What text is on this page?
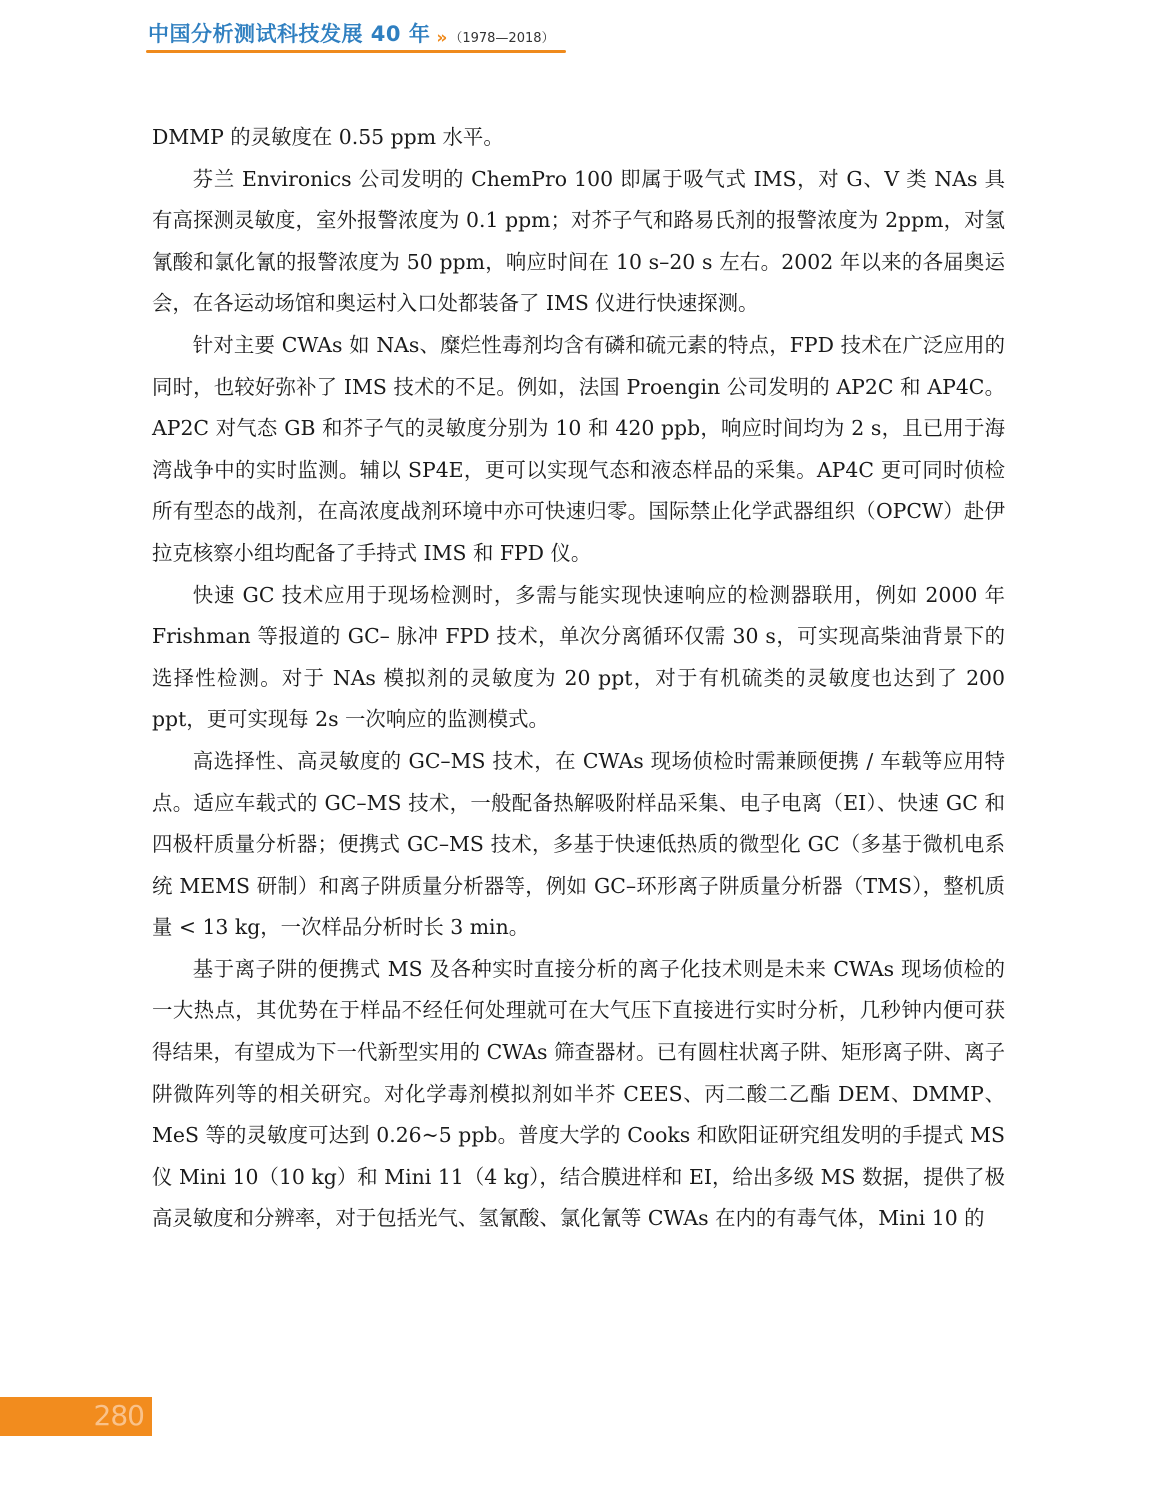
中国分析测试科技发展 40 年 » （1978—2018）

DMMP 的灵敏度在 0.55 ppm 水平。

芬兰 Environics 公司发明的 ChemPro 100 即属于吸气式 IMS，对 G、V 类 NAs 具有高探测灵敏度，室外报警浓度为 0.1 ppm；对芥子气和路易氏剂的报警浓度为 2ppm，对氢氰酸和氯化氰的报警浓度为 50 ppm，响应时间在 10 s–20 s 左右。2002 年以来的各届奥运会，在各运动场馆和奥运村入口处都装备了 IMS 仪进行快速探测。

针对主要 CWAs 如 NAs、糜烂性毒剂均含有磷和硫元素的特点，FPD 技术在广泛应用的同时，也较好弥补了 IMS 技术的不足。例如，法国 Proengin 公司发明的 AP2C 和 AP4C。AP2C 对气态 GB 和芥子气的灵敏度分别为 10 和 420 ppb，响应时间均为 2 s，且已用于海湾战争中的实时监测。辅以 SP4E，更可以实现气态和液态样品的采集。AP4C 更可同时侦检所有型态的战剂，在高浓度战剂环境中亦可快速归零。国际禁止化学武器组织（OPCW）赴伊拉克核察小组均配备了手持式 IMS 和 FPD 仪。

快速 GC 技术应用于现场检测时，多需与能实现快速响应的检测器联用，例如 2000 年 Frishman 等报道的 GC– 脉冲 FPD 技术，单次分离循环仅需 30 s，可实现高柴油背景下的选择性检测。对于 NAs 模拟剂的灵敏度为 20 ppt，对于有机硫类的灵敏度也达到了 200 ppt，更可实现每 2s 一次响应的监测模式。

高选择性、高灵敏度的 GC–MS 技术，在 CWAs 现场侦检时需兼顾便携 / 车载等应用特点。适应车载式的 GC–MS 技术，一般配备热解吸附样品采集、电子电离（EI）、快速 GC 和四极杆质量分析器；便携式 GC–MS 技术，多基于快速低热质的微型化 GC（多基于微机电系统 MEMS 研制）和离子阱质量分析器等，例如 GC–环形离子阱质量分析器（TMS），整机质量 < 13 kg，一次样品分析时长 3 min。

基于离子阱的便携式 MS 及各种实时直接分析的离子化技术则是未来 CWAs 现场侦检的一大热点，其优势在于样品不经任何处理就可在大气压下直接进行实时分析，几秒钟内便可获得结果，有望成为下一代新型实用的 CWAs 筛查器材。已有圆柱状离子阱、矩形离子阱、离子阱微阵列等的相关研究。对化学毒剂模拟剂如半芥 CEES、丙二酸二乙酯 DEM、DMMP、MeS 等的灵敏度可达到 0.26~5 ppb。普度大学的 Cooks 和欧阳证研究组发明的手提式 MS 仪 Mini 10（10 kg）和 Mini 11（4 kg），结合膜进样和 EI，给出多级 MS 数据，提供了极高灵敏度和分辨率，对于包括光气、氢氰酸、氯化氰等 CWAs 在内的有毒气体，Mini 10 的

280
